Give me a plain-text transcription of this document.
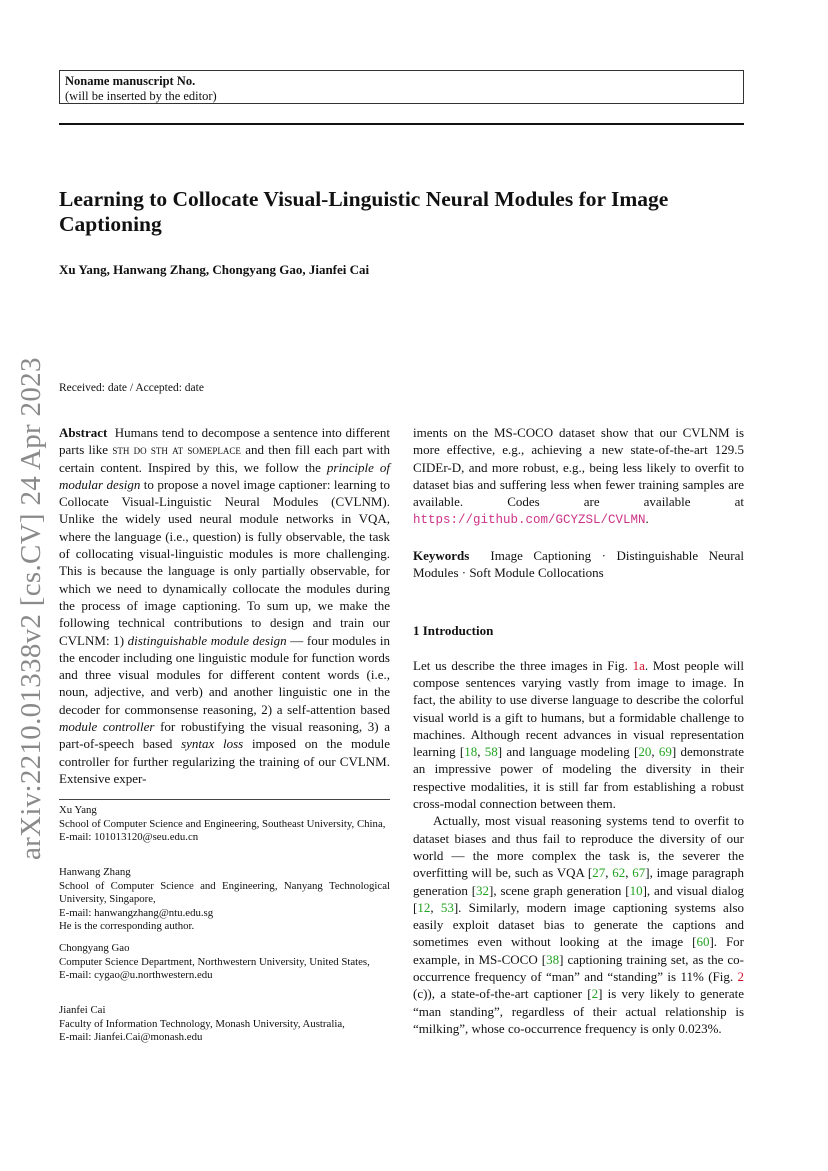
Noname manuscript No.
(will be inserted by the editor)
Learning to Collocate Visual-Linguistic Neural Modules for Image Captioning
Xu Yang, Hanwang Zhang, Chongyang Gao, Jianfei Cai
arXiv:2210.01338v2 [cs.CV] 24 Apr 2023 Received: date / Accepted: date

Abstract Humans tend to decompose a sentence into different parts like sth do sth at someplace and then fill each part with certain content. Inspired by this, we follow the principle of modular design to propose a novel image captioner: learning to Collocate Visual-Linguistic Neural Modules (CVLNM). Unlike the widely used neural module networks in VQA, where the language (i.e., question) is fully observable, the task of collocating visual-linguistic modules is more challenging. This is because the language is only partially observable, for which we need to dynamically collocate the modules during the process of image captioning. To sum up, we make the following technical contributions to design and train our CVLNM: 1) distinguishable module design — four modules in the encoder including one linguistic module for function words and three visual modules for different content words (i.e., noun, adjective, and verb) and another linguistic one in the decoder for commonsense reasoning, 2) a self-attention based module controller for robustifying the visual reasoning, 3) a part-of-speech based syntax loss imposed on the module controller for further regularizing the training of our CVLNM. Extensive exper-

Xu Yang
School of Computer Science and Engineering, Southeast University, China,
E-mail: 101013120@seu.edu.cn
Hanwang Zhang
School of Computer Science and Engineering, Nanyang Technological University, Singapore,
E-mail: hanwangzhang@ntu.edu.sg
He is the corresponding author.
Chongyang Gao
Computer Science Department, Northwestern University, United States,
E-mail: cygao@u.northwestern.edu
Jianfei Cai
Faculty of Information Technology, Monash University, Australia,
E-mail: Jianfei.Cai@monash.edu

iments on the MS-COCO dataset show that our CVLNM is more effective, e.g., achieving a new state-of-the-art 129.5 CIDEr-D, and more robust, e.g., being less likely to overfit to dataset bias and suffering less when fewer training samples are available. Codes are available at https://github.com/GCYZSL/CVLMN.

Keywords Image Captioning · Distinguishable Neural Modules · Soft Module Collocations

1 Introduction

Let us describe the three images in Fig. 1a. Most people will compose sentences varying vastly from image to image. In fact, the ability to use diverse language to describe the colorful visual world is a gift to humans, but a formidable challenge to machines. Although recent advances in visual representation learning [18, 58] and language modeling [20, 69] demonstrate an impressive power of modeling the diversity in their respective modalities, it is still far from establishing a robust cross-modal connection between them.

Actually, most visual reasoning systems tend to overfit to dataset biases and thus fail to reproduce the diversity of our world — the more complex the task is, the severer the overfitting will be, such as VQA [27, 62, 67], image paragraph generation [32], scene graph generation [10], and visual dialog [12, 53]. Similarly, modern image captioning systems also easily exploit dataset bias to generate the captions and sometimes even without looking at the image [60]. For example, in MS-COCO [38] captioning training set, as the co-occurrence frequency of “man” and “standing” is 11% (Fig. 2 (c)), a state-of-the-art captioner [2] is very likely to generate “man standing”, regardless of their actual relationship is “milking”, whose co-occurrence frequency is only 0.023%.
